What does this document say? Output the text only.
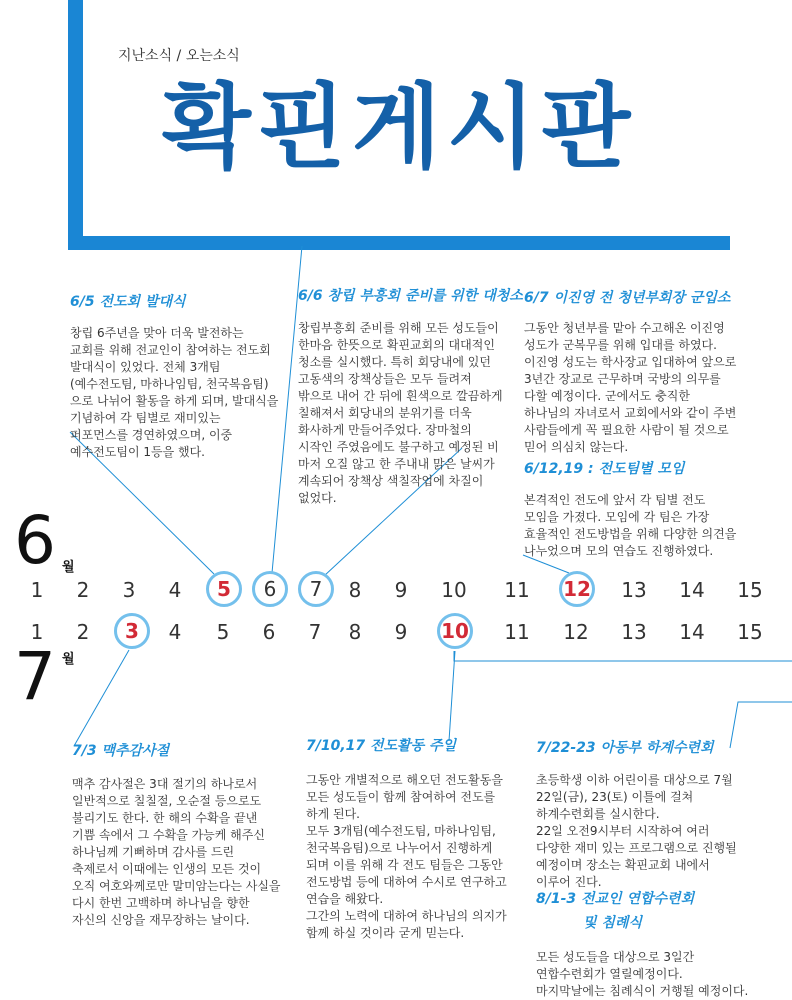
지난소식 / 오는소식
확핀게시판
6/5 전도회 발대식
창립 6주년을 맞아 더욱 발전하는 교회를 위해 전교인이 참여하는 전도회 발대식이 있었다. 전체 3개팀(예수전도팀, 마하나임팀, 천국복음팀)으로 나뉘어 활동을 하게 되며, 발대식을 기념하여 각 팀별로 재미있는 퍼포먼스를 경연하였으며, 이중 예수전도팀이 1등을 했다.
6/6 창립 부흥회 준비를 위한 대청소
창립부흥회 준비를 위해 모든 성도들이 한마음 한뜻으로 확핀교회의 대대적인 청소를 실시했다. 특히 회당내에 있던 고동색의 장책상들은 모두 들려져 밖으로 내어 간 뒤에 흰색으로 깔끔하게 칠해져서 회당내의 분위기를 더욱 화사하게 만들어주었다. 장마철의 시작인 주였음에도 불구하고 예정된 비 마저 오질 않고 한 주내내 맑은 날씨가 계속되어 장책상 색칠작업에 차질이 없었다.
6/7 이진영 전 청년부회장 군입소
그동안 청년부를 맡아 수고해온 이진영 성도가 군복무를 위해 입대를 하였다. 이진영 성도는 학사장교 입대하여 앞으로 3년간 장교로 근무하며 국방의 의무를 다할 예정이다. 군에서도 충직한 하나님의 자녀로서 교회에서와 같이 주변 사람들에게 꼭 필요한 사람이 될 것으로 믿어 의심치 않는다.
6/12,19 : 전도팀별 모임
본격적인 전도에 앞서 각 팀별 전도 모임을 가졌다. 모임에 각 팀은 가장 효율적인 전도방법을 위해 다양한 의견을 나누었으며 모의 연습도 진행하였다.
6 월
7 월
1	2	3	4	5	6	7	8	9	10 11 12 13 14 15
1	2	3	4	5	6	7	8	9	10 11 12 13 14 15
7/3 맥추감사절
맥추 감사절은 3대 절기의 하나로서 일반적으로 칠칠절, 오순절 등으로도 불리기도 한다. 한 해의 수확을 끝낸 기쁨 속에서 그 수확을 가능케 해주신 하나님께 기뻐하며 감사를 드린 축제로서 이때에는 인생의 모든 것이 오직 여호와께로만 말미암는다는 사실을 다시 한번 고백하며 하나님을 향한 자신의 신앙을 재무장하는 날이다.
7/10,17 전도활동 주일
그동안 개별적으로 해오던 전도활동을 모든 성도들이 함께 참여하여 전도를 하게 된다.
모두 3개팀(예수전도팀, 마하나임팀, 천국복음팀)으로 나누어서 진행하게 되며 이를 위해 각 전도 팀들은 그동안 전도방법 등에 대하여 수시로 연구하고 연습을 해왔다.
그간의 노력에 대하여 하나님의 의지가 함께 하실 것이라 굳게 믿는다.
7/22-23 아동부 하계수련회
초등학생 이하 어린이를 대상으로 7월 22일(금), 23(토) 이틀에 걸쳐 하계수련회를 실시한다.
22일 오전9시부터 시작하여 여러 다양한 재미 있는 프로그램으로 진행될 예정이며 장소는 확핀교회 내에서 이루어 진다.
8/1-3 전교인 연합수련회
및 침례식
모든 성도들을 대상으로 3일간 연합수련회가 열릴예정이다.
마지막날에는 침례식이 거행될 예정이다.
